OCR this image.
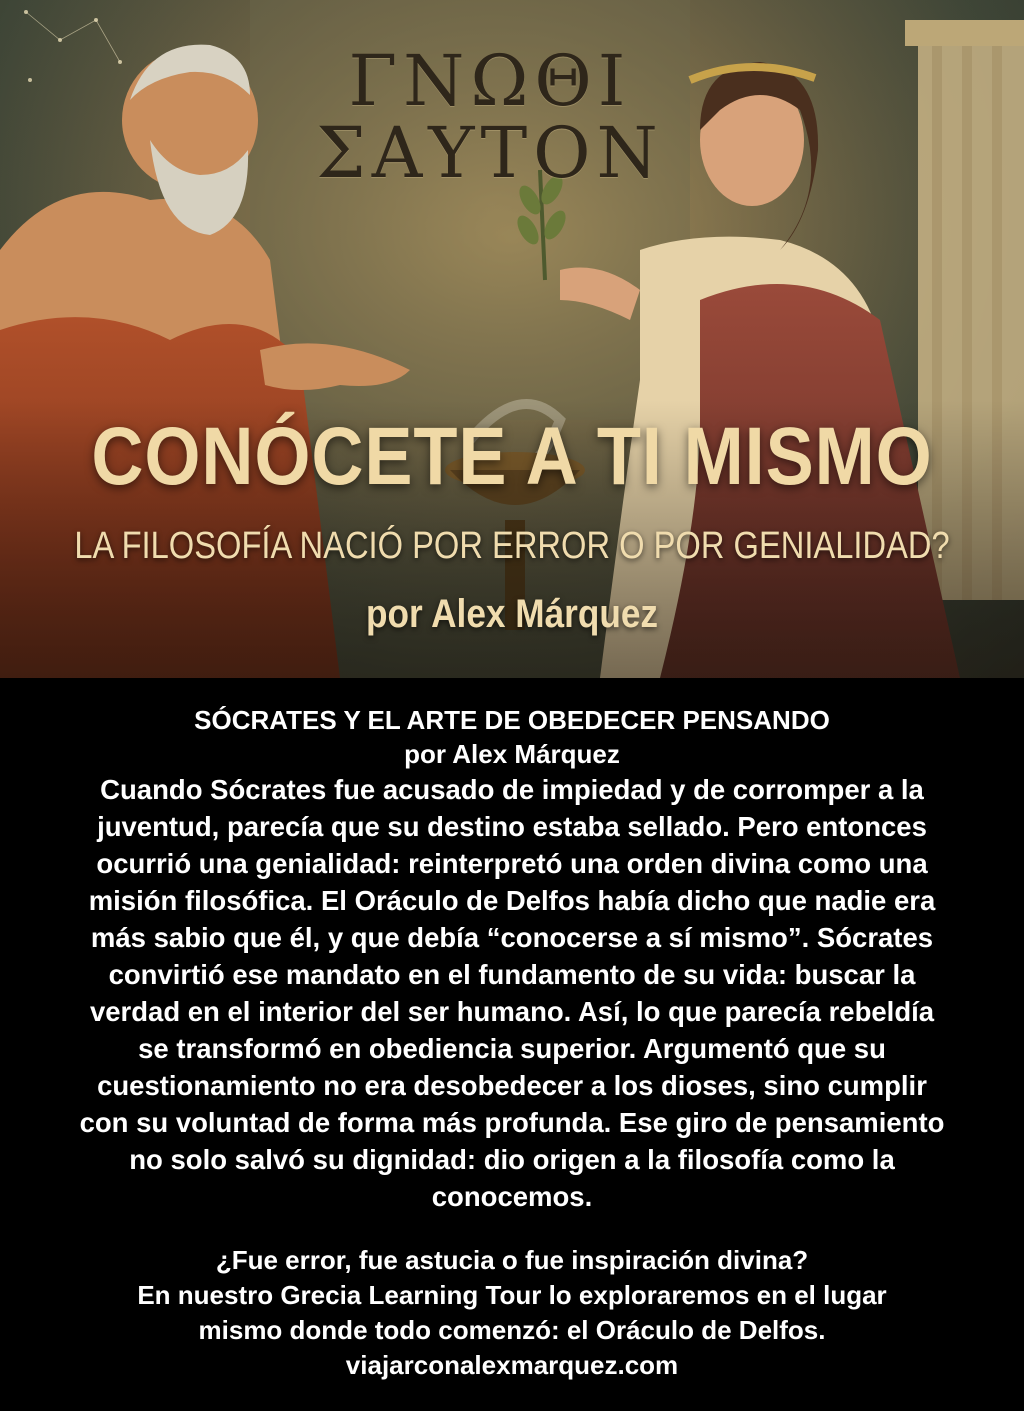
ΓΝΩΘΙ
ΣΑΥΤΟΝ
CONÓCETE A TI MISMO
LA FILOSOFÍA NACIÓ POR ERROR O POR GENIALIDAD?
por Alex Márquez
SÓCRATES Y EL ARTE DE OBEDECER PENSANDO
por Alex Márquez
Cuando Sócrates fue acusado de impiedad y de corromper a la
juventud, parecía que su destino estaba sellado. Pero entonces
ocurrió una genialidad: reinterpretó una orden divina como una
misión filosófica. El Oráculo de Delfos había dicho que nadie era
más sabio que él, y que debía “conocerse a sí mismo”. Sócrates
convirtió ese mandato en el fundamento de su vida: buscar la
verdad en el interior del ser humano. Así, lo que parecía rebeldía
se transformó en obediencia superior. Argumentó que su
cuestionamiento no era desobedecer a los dioses, sino cumplir
con su voluntad de forma más profunda. Ese giro de pensamiento
no solo salvó su dignidad: dio origen a la filosofía como la
conocemos.
¿Fue error, fue astucia o fue inspiración divina?
En nuestro Grecia Learning Tour lo exploraremos en el lugar
mismo donde todo comenzó: el Oráculo de Delfos.
viajarconalexmarquez.com
